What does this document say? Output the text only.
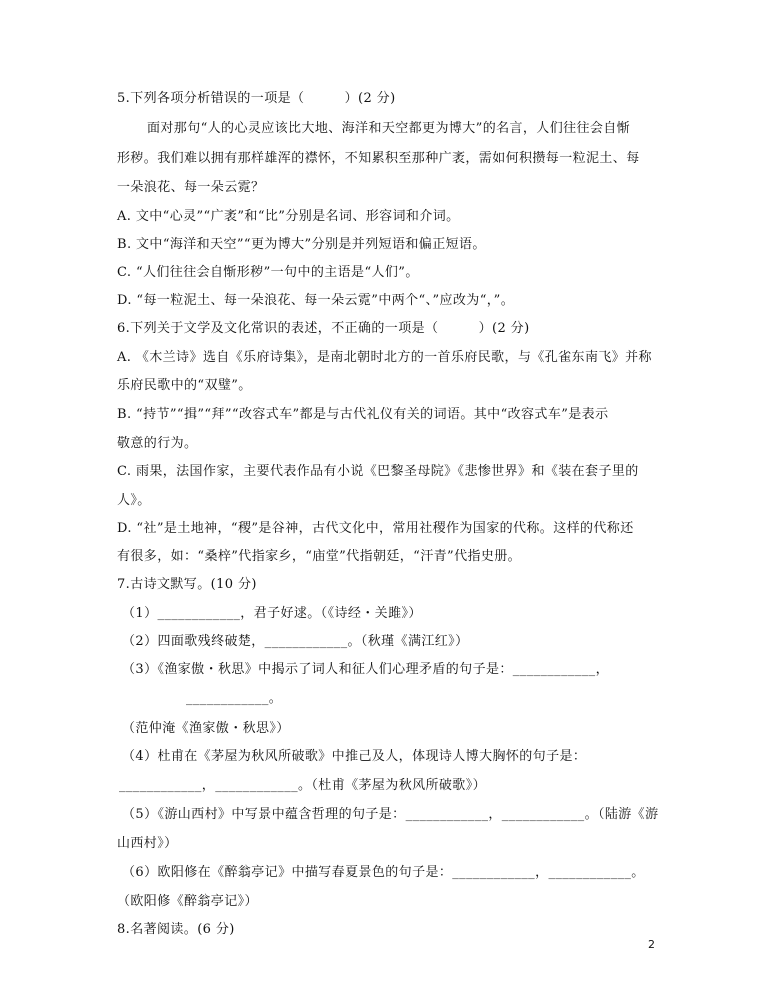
5.下列各项分析错误的一项是（　　　）(2 分)
面对那句“人的心灵应该比大地、海洋和天空都更为博大”的名言，人们往往会自惭
形秽。我们难以拥有那样雄浑的襟怀，不知累积至那种广袤，需如何积攒每一粒泥土、每
一朵浪花、每一朵云霓？
A. 文中“心灵”“广袤”和“比”分别是名词、形容词和介词。
B. 文中“海洋和天空”“更为博大”分别是并列短语和偏正短语。
C. “人们往往会自惭形秽”一句中的主语是“人们”。
D. “每一粒泥土、每一朵浪花、每一朵云霓”中两个“、”应改为“，”。
6.下列关于文学及文化常识的表述，不正确的一项是（　　　）(2 分)
A. 《木兰诗》选自《乐府诗集》，是南北朝时北方的一首乐府民歌，与《孔雀东南飞》并称
乐府民歌中的“双璧”。
B. “持节”“揖”“拜”“改容式车”都是与古代礼仪有关的词语。其中“改容式车”是表示
敬意的行为。
C. 雨果，法国作家，主要代表作品有小说《巴黎圣母院》《悲惨世界》和《装在套子里的
人》。
D. “社”是土地神，“稷”是谷神，古代文化中，常用社稷作为国家的代称。这样的代称还
有很多，如：“桑梓”代指家乡，“庙堂”代指朝廷，“汗青”代指史册。
7.古诗文默写。(10 分)
（1）____________，君子好逑。（《诗经・关雎》）
（2）四面歌残终破楚，____________。（秋瑾《满江红》）
（3）《渔家傲・秋思》中揭示了词人和征人们心理矛盾的句子是：____________，
____________。
（范仲淹《渔家傲・秋思》）
（4）杜甫在《茅屋为秋风所破歌》中推己及人，体现诗人博大胸怀的句子是：
____________，____________。（杜甫《茅屋为秋风所破歌》）
（5）《游山西村》中写景中蕴含哲理的句子是：____________，____________。（陆游《游
山西村》）
（6）欧阳修在《醉翁亭记》中描写春夏景色的句子是：____________，____________。
（欧阳修《醉翁亭记》）
8.名著阅读。(6 分)
2
